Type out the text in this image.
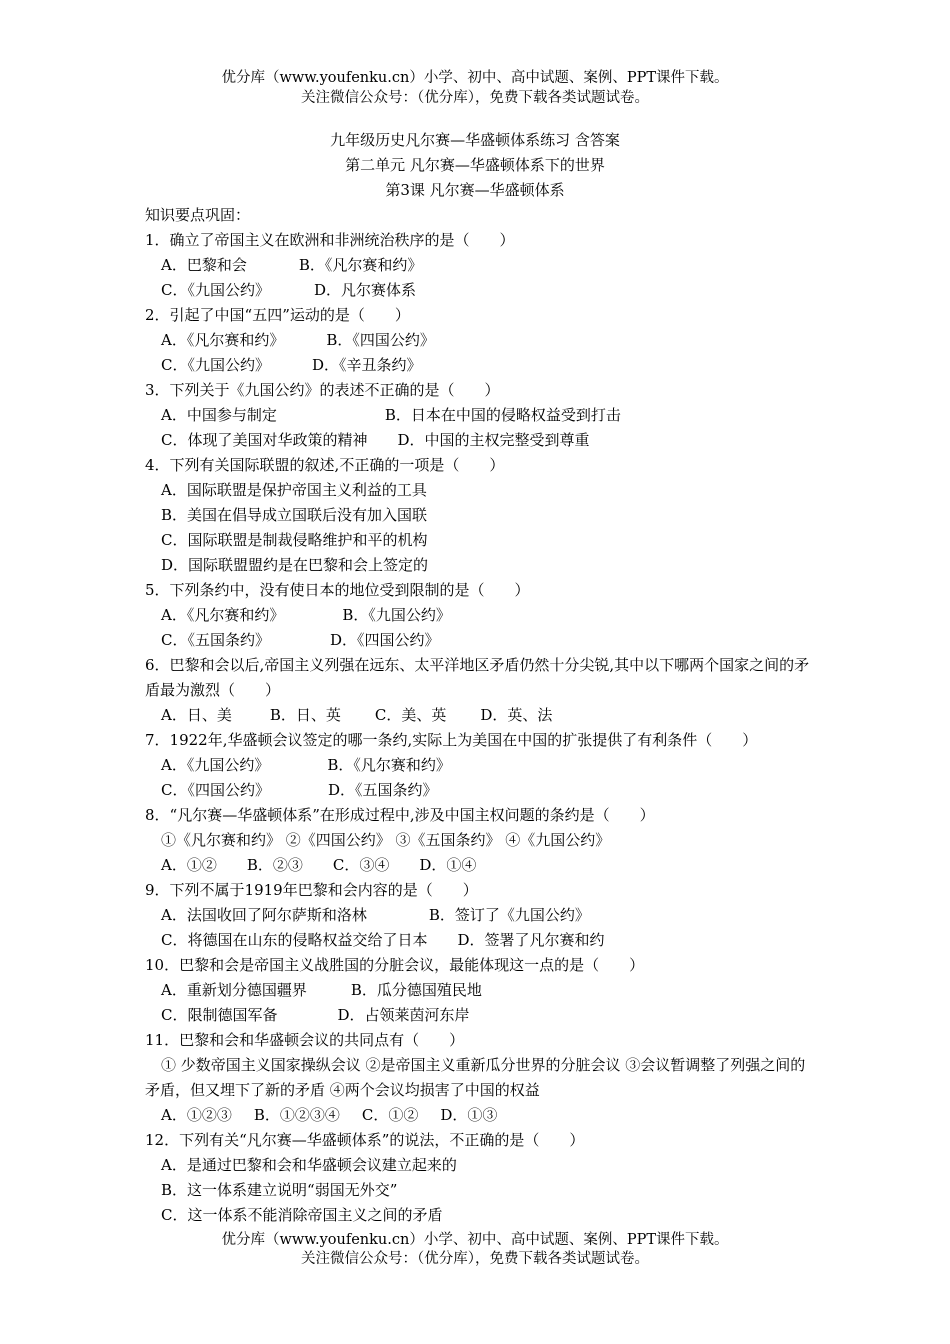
优分库（www.youfenku.cn）小学、初中、高中试题、案例、PPT课件下载。
关注微信公众号：（优分库），免费下载各类试题试卷。
九年级历史凡尔赛—华盛顿体系练习 含答案
第二单元 凡尔赛—华盛顿体系下的世界
第3课 凡尔赛—华盛顿体系
知识要点巩固：
1．确立了帝国主义在欧洲和非洲统治秩序的是（　　）
A．巴黎和会	B．《凡尔赛和约》
C．《九国公约》	D．凡尔赛体系
2．引起了中国“五四”运动的是（　　）
A．《凡尔赛和约》	B．《四国公约》
C．《九国公约》	D．《辛丑条约》
3．下列关于《九国公约》的表述不正确的是（　　）
A．中国参与制定	B．日本在中国的侵略权益受到打击
C．体现了美国对华政策的精神 D．中国的主权完整受到尊重
4．下列有关国际联盟的叙述,不正确的一项是（　　）
A．国际联盟是保护帝国主义利益的工具
B．美国在倡导成立国联后没有加入国联
C．国际联盟是制裁侵略维护和平的机构
D．国际联盟盟约是在巴黎和会上签定的
5．下列条约中，没有使日本的地位受到限制的是（　　）
A．《凡尔赛和约》	B．《九国公约》
C．《五国条约》	D．《四国公约》
6．巴黎和会以后,帝国主义列强在远东、太平洋地区矛盾仍然十分尖锐,其中以下哪两个国家之间的矛盾最为激烈（　　）
A．日、美	B．日、英 C．美、英 D．英、法
7．1922年,华盛顿会议签定的哪一条约,实际上为美国在中国的扩张提供了有利条件（　　）
A．《九国公约》	B．《凡尔赛和约》
C．《四国公约》	D．《五国条约》
8．“凡尔赛—华盛顿体系”在形成过程中,涉及中国主权问题的条约是（　　）
①《凡尔赛和约》 ②《四国公约》 ③《五国条约》 ④《九国公约》
A．①② B．②③ C．③④ D．①④
9．下列不属于1919年巴黎和会内容的是（　　）
A．法国收回了阿尔萨斯和洛林	B．签订了《九国公约》
C．将德国在山东的侵略权益交给了日本 D．签署了凡尔赛和约
10．巴黎和会是帝国主义战胜国的分脏会议，最能体现这一点的是（　　）
A．重新划分德国疆界	B．瓜分德国殖民地
C．限制德国军备	D．占领莱茵河东岸
11．巴黎和会和华盛顿会议的共同点有（　　）
① 少数帝国主义国家操纵会议 ②是帝国主义重新瓜分世界的分脏会议 ③会议暂调整了列强之间的矛盾，但又埋下了新的矛盾 ④两个会议均损害了中国的权益
A．①②③ B．①②③④ C．①② D．①③
12．下列有关“凡尔赛—华盛顿体系”的说法，不正确的是（　　）
A．是通过巴黎和会和华盛顿会议建立起来的
B．这一体系建立说明“弱国无外交”
C．这一体系不能消除帝国主义之间的矛盾
优分库（www.youfenku.cn）小学、初中、高中试题、案例、PPT课件下载。
关注微信公众号：（优分库），免费下载各类试题试卷。
